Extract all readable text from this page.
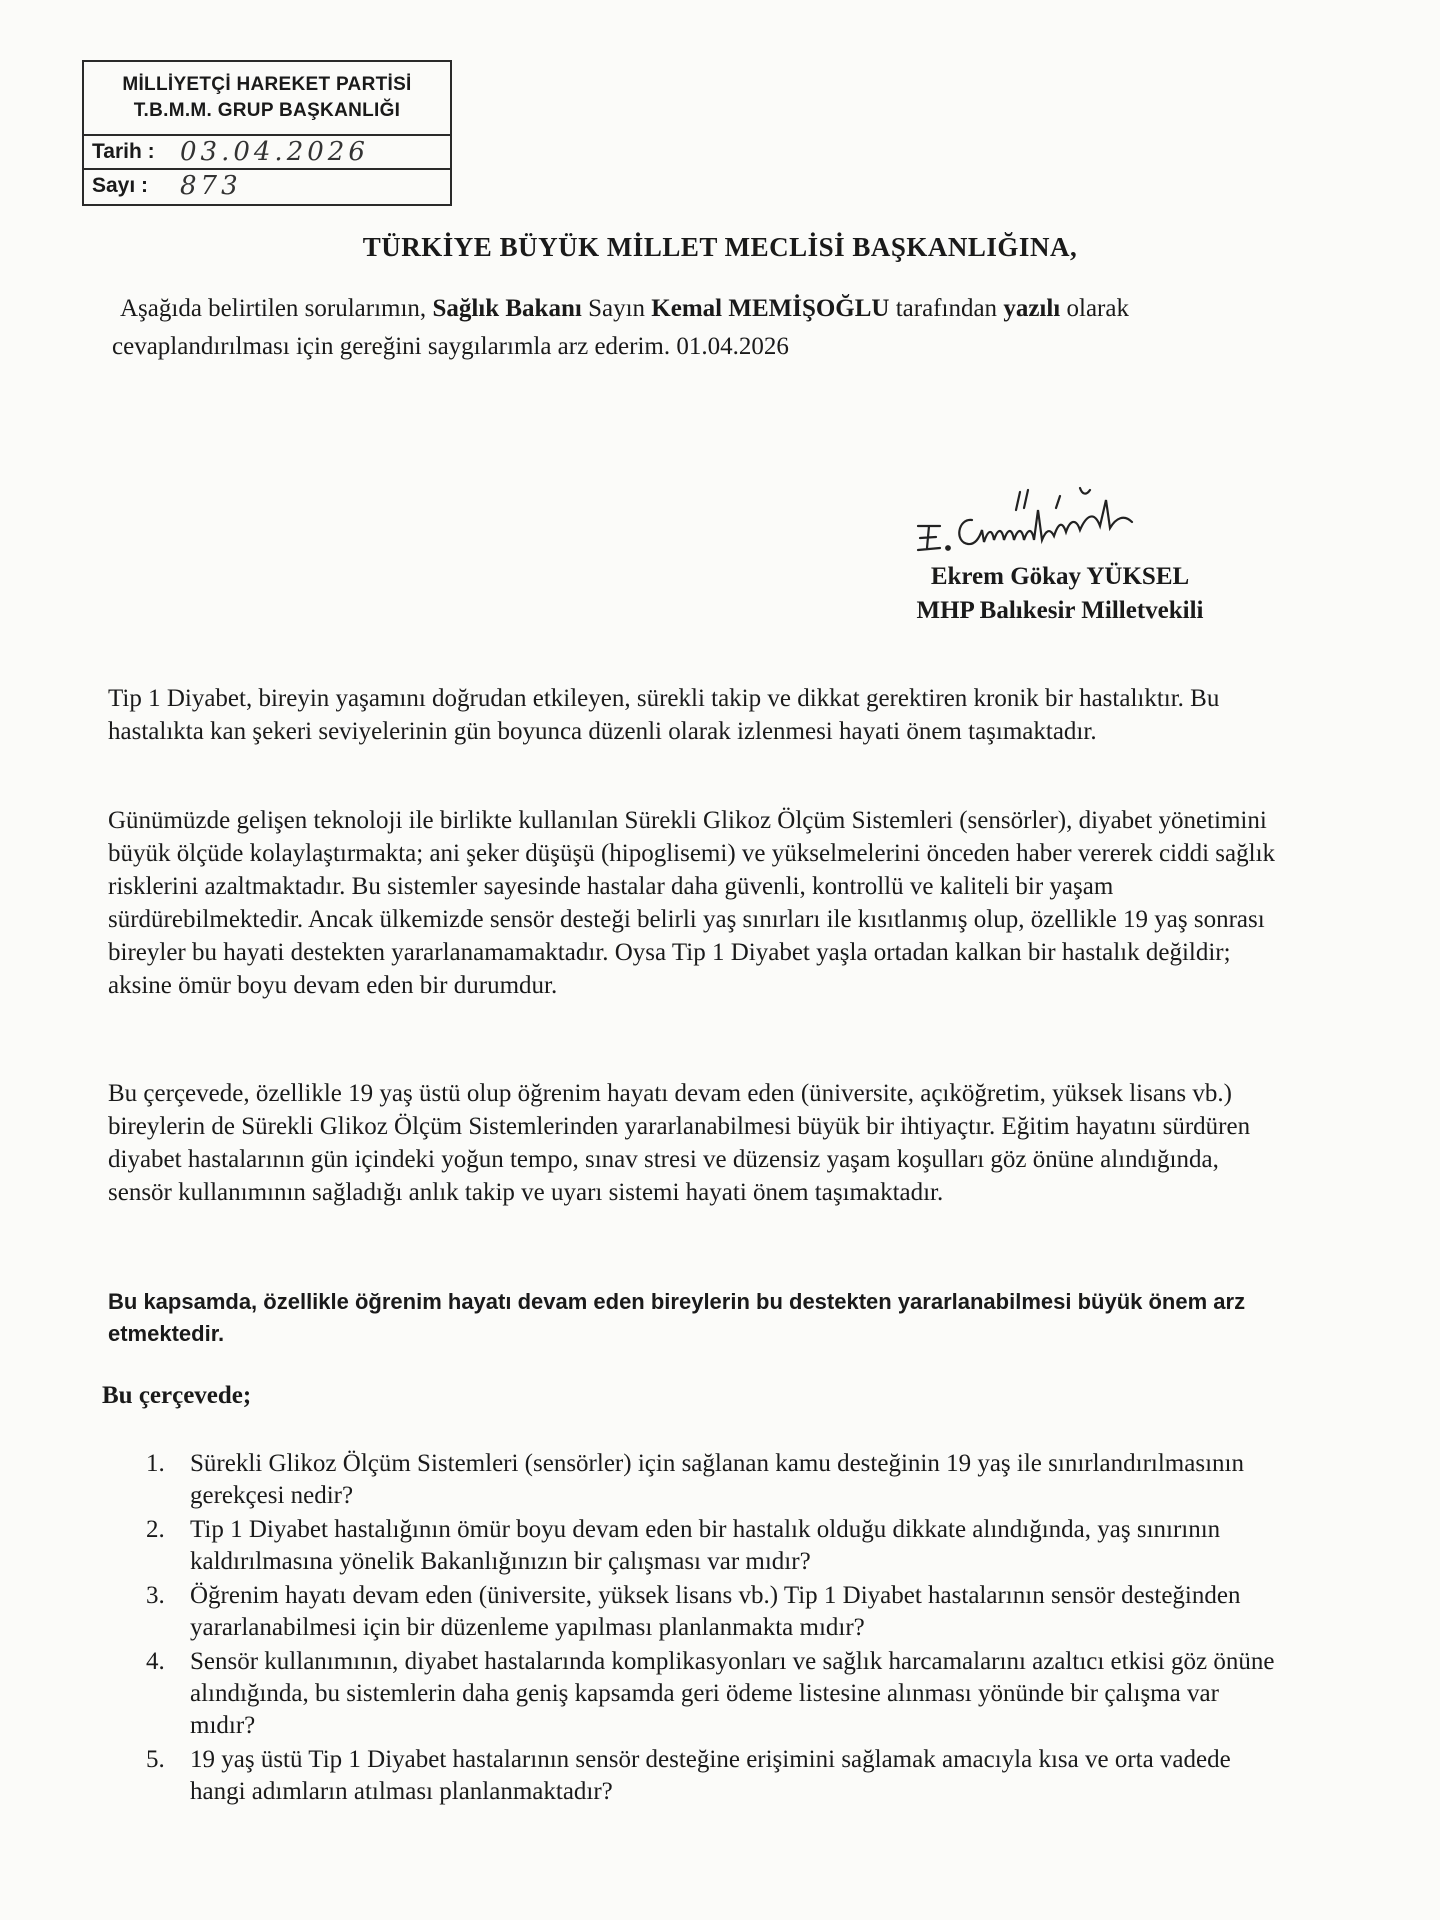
MİLLİYETÇİ HAREKET PARTİSİ
T.B.M.M. GRUP BAŞKANLIĞI
Tarih : 03.04.2026
Sayı : 873
TÜRKİYE BÜYÜK MİLLET MECLİSİ BAŞKANLIĞINA,
Aşağıda belirtilen sorularımın, Sağlık Bakanı Sayın Kemal MEMİŞOĞLU tarafından yazılı olarak cevaplandırılması için gereğini saygılarımla arz ederim. 01.04.2026
Ekrem Gökay YÜKSEL
MHP Balıkesir Milletvekili
Tip 1 Diyabet, bireyin yaşamını doğrudan etkileyen, sürekli takip ve dikkat gerektiren kronik bir hastalıktır. Bu hastalıkta kan şekeri seviyelerinin gün boyunca düzenli olarak izlenmesi hayati önem taşımaktadır.
Günümüzde gelişen teknoloji ile birlikte kullanılan Sürekli Glikoz Ölçüm Sistemleri (sensörler), diyabet yönetimini büyük ölçüde kolaylaştırmakta; ani şeker düşüşü (hipoglisemi) ve yükselmelerini önceden haber vererek ciddi sağlık risklerini azaltmaktadır. Bu sistemler sayesinde hastalar daha güvenli, kontrollü ve kaliteli bir yaşam sürdürebilmektedir. Ancak ülkemizde sensör desteği belirli yaş sınırları ile kısıtlanmış olup, özellikle 19 yaş sonrası bireyler bu hayati destekten yararlanamamaktadır. Oysa Tip 1 Diyabet yaşla ortadan kalkan bir hastalık değildir; aksine ömür boyu devam eden bir durumdur.
Bu çerçevede, özellikle 19 yaş üstü olup öğrenim hayatı devam eden (üniversite, açıköğretim, yüksek lisans vb.) bireylerin de Sürekli Glikoz Ölçüm Sistemlerinden yararlanabilmesi büyük bir ihtiyaçtır. Eğitim hayatını sürdüren diyabet hastalarının gün içindeki yoğun tempo, sınav stresi ve düzensiz yaşam koşulları göz önüne alındığında, sensör kullanımının sağladığı anlık takip ve uyarı sistemi hayati önem taşımaktadır.
Bu kapsamda, özellikle öğrenim hayatı devam eden bireylerin bu destekten yararlanabilmesi büyük önem arz etmektedir.
Bu çerçevede;
1.	Sürekli Glikoz Ölçüm Sistemleri (sensörler) için sağlanan kamu desteğinin 19 yaş ile sınırlandırılmasının gerekçesi nedir?
2.	Tip 1 Diyabet hastalığının ömür boyu devam eden bir hastalık olduğu dikkate alındığında, yaş sınırının kaldırılmasına yönelik Bakanlığınızın bir çalışması var mıdır?
3.	Öğrenim hayatı devam eden (üniversite, yüksek lisans vb.) Tip 1 Diyabet hastalarının sensör desteğinden yararlanabilmesi için bir düzenleme yapılması planlanmakta mıdır?
4.	Sensör kullanımının, diyabet hastalarında komplikasyonları ve sağlık harcamalarını azaltıcı etkisi göz önüne alındığında, bu sistemlerin daha geniş kapsamda geri ödeme listesine alınması yönünde bir çalışma var mıdır?
5.	19 yaş üstü Tip 1 Diyabet hastalarının sensör desteğine erişimini sağlamak amacıyla kısa ve orta vadede hangi adımların atılması planlanmaktadır?
